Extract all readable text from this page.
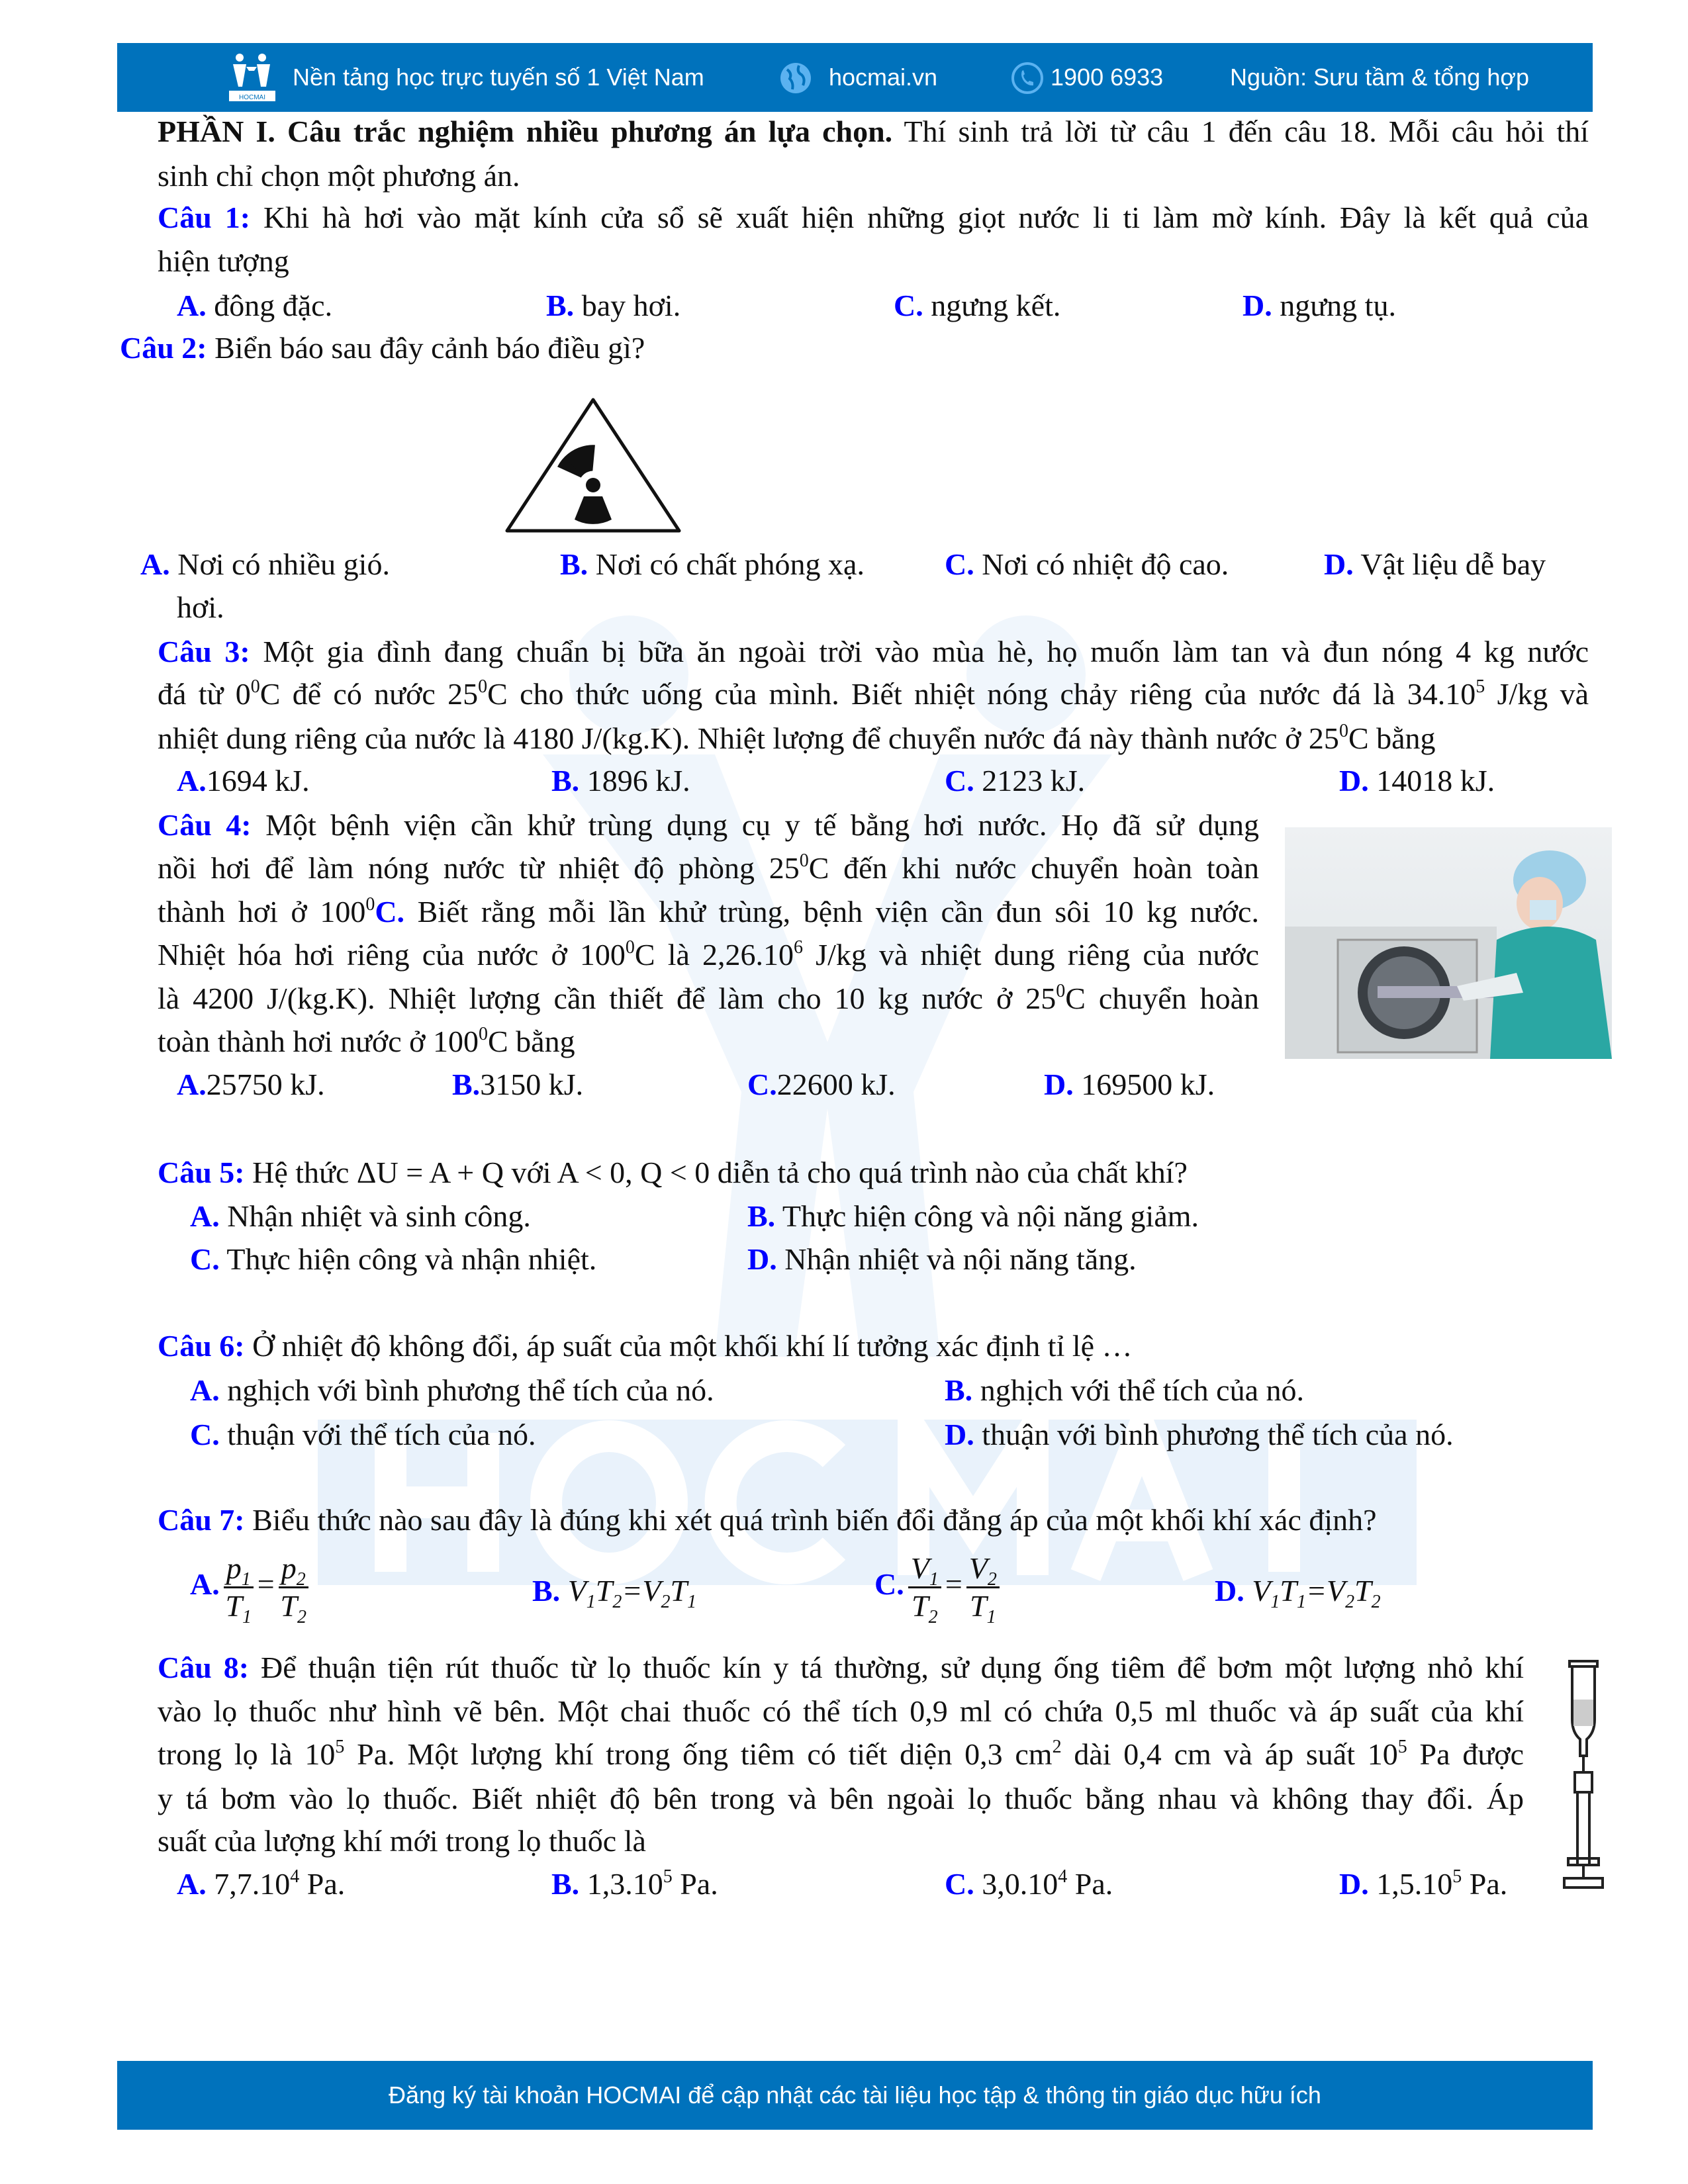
HOCMAI
Nền tảng học trực tuyến số 1 Việt Nam	hocmai.vn	1900 6933	Nguồn: Sưu tầm & tổng hợp
PHẦN I. Câu trắc nghiệm nhiều phương án lựa chọn. Thí sinh trả lời từ câu 1 đến câu 18. Mỗi câu hỏi thí
sinh chỉ chọn một phương án.
Câu 1: Khi hà hơi vào mặt kính cửa sổ sẽ xuất hiện những giọt nước li ti làm mờ kính. Đây là kết quả của
hiện tượng
A. đông đặc.	B. bay hơi.	C. ngưng kết.	D. ngưng tụ.
Câu 2: Biển báo sau đây cảnh báo điều gì?
A. Nơi có nhiều gió.	B. Nơi có chất phóng xạ.	C. Nơi có nhiệt độ cao.	D. Vật liệu dễ bay
hơi.
Câu 3: Một gia đình đang chuẩn bị bữa ăn ngoài trời vào mùa hè, họ muốn làm tan và đun nóng 4 kg nước
đá từ $0^0C$ để có nước $25^0C$ cho thức uống của mình. Biết nhiệt nóng chảy riêng của nước đá là 34.10$^5$ J/kg và
nhiệt dung riêng của nước là 4180 J/(kg.K). Nhiệt lượng để chuyển nước đá này thành nước ở $25^0C$ bằng
A.1694 kJ.	B. 1896 kJ.	C. 2123 kJ.	D. 14018 kJ.
Câu 4: Một bệnh viện cần khử trùng dụng cụ y tế bằng hơi nước. Họ đã sử dụng
nồi hơi để làm nóng nước từ nhiệt độ phòng $25^0C$ đến khi nước chuyển hoàn toàn
thành hơi ở $100^0C$. Biết rằng mỗi lần khử trùng, bệnh viện cần đun sôi 10 kg nước.
Nhiệt hóa hơi riêng của nước ở $100^0C$ là 2,26.10$^6$ J/kg và nhiệt dung riêng của nước
là 4200 J/(kg.K). Nhiệt lượng cần thiết để làm cho 10 kg nước ở $25^0C$ chuyển hoàn
toàn thành hơi nước ở $100^0C$ bằng
A.25750 kJ.	B.3150 kJ.	C.22600 kJ.	D. 169500 kJ.
Câu 5: Hệ thức ΔU = A + Q với A < 0, Q < 0 diễn tả cho quá trình nào của chất khí?
A. Nhận nhiệt và sinh công.	B. Thực hiện công và nội năng giảm.
C. Thực hiện công và nhận nhiệt.	D. Nhận nhiệt và nội năng tăng.
Câu 6: Ở nhiệt độ không đổi, áp suất của một khối khí lí tưởng xác định tỉ lệ …
A. nghịch với bình phương thể tích của nó.	B. nghịch với thể tích của nó.
C. thuận với thể tích của nó.	D. thuận với bình phương thể tích của nó.
Câu 7: Biểu thức nào sau đây là đúng khi xét quá trình biến đổi đẳng áp của một khối khí xác định?
A. $\frac{p_1}{T_1} = \frac{p_2}{T_2}$	B. $V_1T_2=V_2T_1$
C. $\frac{V_1}{T_2} = \frac{V_2}{T_1}$	D. $V_1T_1=V_2T_2$
Câu 8: Để thuận tiện rút thuốc từ lọ thuốc kín y tá thường, sử dụng ống tiêm để bơm một lượng nhỏ khí
vào lọ thuốc như hình vẽ bên. Một chai thuốc có thể tích 0,9 ml có chứa 0,5 ml thuốc và áp suất của khí
trong lọ là $10^5$ Pa. Một lượng khí trong ống tiêm có tiết diện 0,3 $cm^2$ dài 0,4 cm và áp suất $10^5$ Pa được
y tá bơm vào lọ thuốc. Biết nhiệt độ bên trong và bên ngoài lọ thuốc bằng nhau và không thay đổi. Áp
suất của lượng khí mới trong lọ thuốc là
A. 7,7.10$^4$ Pa.	B. 1,3.10$^5$ Pa.	C. 3,0.10$^4$ Pa.	D. 1,5.10$^5$ Pa.
Đăng ký tài khoản HOCMAI để cập nhật các tài liệu học tập & thông tin giáo dục hữu ích
